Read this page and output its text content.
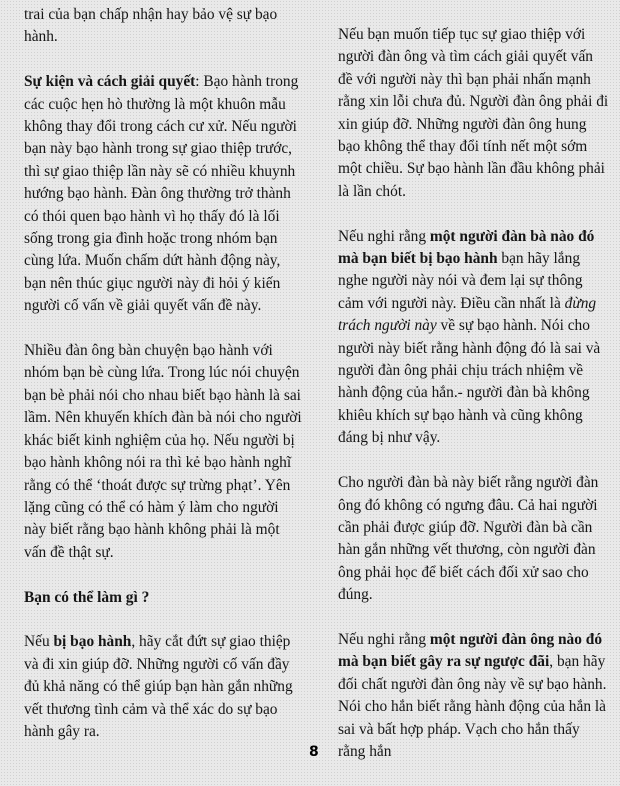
trai của bạn chấp nhận hay bảo vệ sự bạo hành.

Sự kiện và cách giải quyết: Bạo hành trong các cuộc hẹn hò thường là một khuôn mẫu không thay đổi trong cách cư xử. Nếu người bạn này bạo hành trong sự giao thiệp trước, thì sự giao thiệp lần này sẽ có nhiều khuynh hướng bạo hành. Đàn ông thường trở thành có thói quen bạo hành vì họ thấy đó là lối sống trong gia đình hoặc trong nhóm bạn cùng lứa. Muốn chấm dứt hành động này, bạn nên thúc giục người này đi hỏi ý kiến người cố vấn về giải quyết vấn đề này.

Nhiều đàn ông bàn chuyện bạo hành với nhóm bạn bè cùng lứa. Trong lúc nói chuyện bạn bè phải nói cho nhau biết bạo hành là sai lầm. Nên khuyến khích đàn bà nói cho người khác biết kinh nghiệm của họ. Nếu người bị bạo hành không nói ra thì kẻ bạo hành nghĩ rằng có thể ‘thoát được sự trừng phạt’. Yên lặng cũng có thể có hàm ý làm cho người này biết rằng bạo hành không phải là một vấn đề thật sự.

Bạn có thể làm gì ?

Nếu bị bạo hành, hãy cắt đứt sự giao thiệp và đi xin giúp đỡ. Những người cố vấn đầy đủ khả năng có thể giúp bạn hàn gắn những vết thương tình cảm và thể xác do sự bạo hành gây ra.

Nếu bạn muốn tiếp tục sự giao thiệp với người đàn ông và tìm cách giải quyết vấn đề với người này thì bạn phải nhấn mạnh rằng xin lỗi chưa đủ. Người đàn ông phải đi xin giúp đỡ. Những người đàn ông hung bạo không thể thay đổi tính nết một sớm một chiều. Sự bạo hành lần đầu không phải là lần chót.

Nếu nghi rằng một người đàn bà nào đó mà bạn biết bị bạo hành bạn hãy lắng nghe người này nói và đem lại sự thông cảm với người này. Điều cần nhất là đừng trách người này về sự bạo hành. Nói cho người này biết rằng hành động đó là sai và người đàn ông phải chịu trách nhiệm về hành động của hắn.- người đàn bà không khiêu khích sự bạo hành và cũng không đáng bị như vậy.

Cho người đàn bà này biết rằng người đàn ông đó không có ngưng đâu. Cả hai người cần phải được giúp đỡ. Người đàn bà cần hàn gắn những vết thương, còn người đàn ông phải học để biết cách đối xử sao cho đúng.

Nếu nghi rằng một người đàn ông nào đó mà bạn biết gây ra sự ngược đãi, bạn hãy đối chất người đàn ông này về sự bạo hành. Nói cho hắn biết rằng hành động của hắn là sai và bất hợp pháp. Vạch cho hắn thấy rằng hắn

8
